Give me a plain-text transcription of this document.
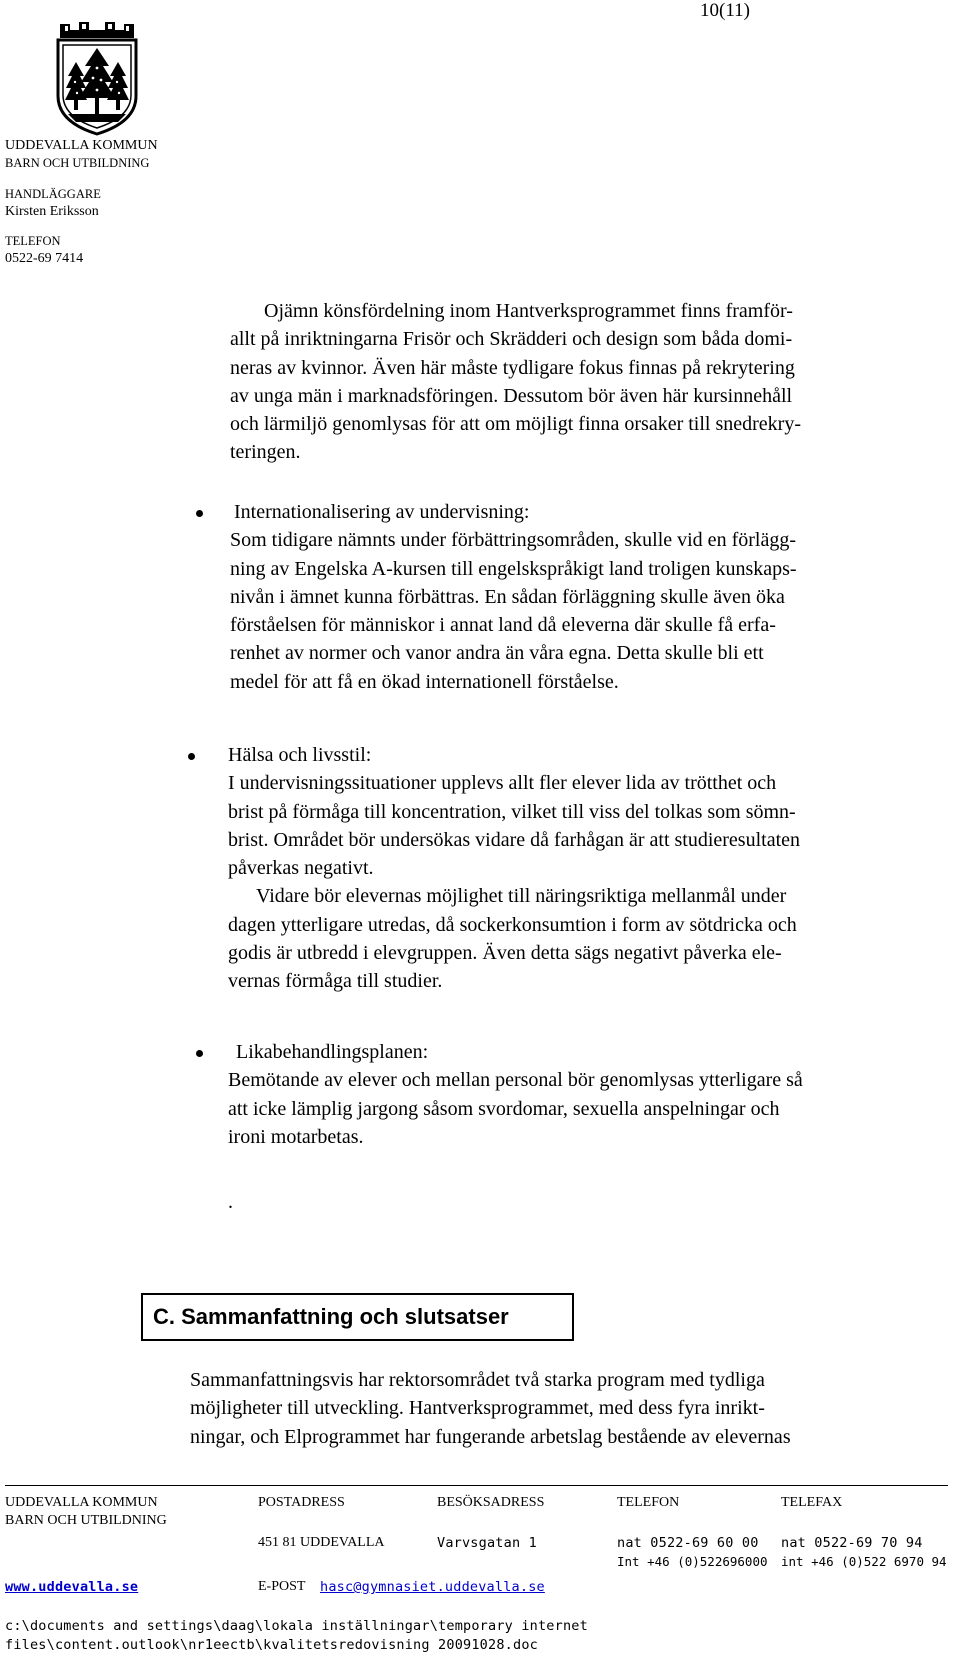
10(11)
UDDEVALLA KOMMUN
BARN OCH UTBILDNING
HANDLÄGGARE
Kirsten Eriksson
TELEFON
0522-69 7414

Ojämn könsfördelning inom Hantverksprogrammet finns framför-

allt på inriktningarna Frisör och Skrädderi och design som båda domi-

neras av kvinnor. Även här måste tydligare fokus finnas på rekrytering

av unga män i marknadsföringen. Dessutom bör även här kursinnehåll

och lärmiljö genomlysas för att om möjligt finna orsaker till snedrekry-

teringen.

Internationalisering av undervisning:

Som tidigare nämnts under förbättringsområden, skulle vid en förlägg-

ning av Engelska A-kursen till engelskspråkigt land troligen kunskaps-

nivån i ämnet kunna förbättras. En sådan förläggning skulle även öka

förståelsen för människor i annat land då eleverna där skulle få erfa-

renhet av normer och vanor andra än våra egna. Detta skulle bli ett

medel för att få en ökad internationell förståelse.

Hälsa och livsstil:

I undervisningssituationer upplevs allt fler elever lida av trötthet och

brist på förmåga till koncentration, vilket till viss del tolkas som sömn-

brist. Området bör undersökas vidare då farhågan är att studieresultaten

påverkas negativt.

Vidare bör elevernas möjlighet till näringsriktiga mellanmål under

dagen ytterligare utredas, då sockerkonsumtion i form av sötdricka och

godis är utbredd i elevgruppen. Även detta sägs negativt påverka ele-

vernas förmåga till studier.

Likabehandlingsplanen:

Bemötande av elever och mellan personal bör genomlysas ytterligare så

att icke lämplig jargong såsom svordomar, sexuella anspelningar och

ironi motarbetas.

.
C. Sammanfattning och slutsatser

Sammanfattningsvis har rektorsområdet två starka program med tydliga

möjligheter till utveckling. Hantverksprogrammet, med dess fyra inrikt-

ningar, och Elprogrammet har fungerande arbetslag bestående av elevernas

UDDEVALLA KOMMUN
BARN OCH UTBILDNING
POSTADRESS
451 81 UDDEVALLA
BESÖKSADRESS
Varvsgatan 1
TELEFON
nat 0522-69 60 00
Int +46 (0)522696000
TELEFAX
nat 0522-69 70 94
int +46 (0)522 6970 94
www.uddevalla.se	E-POST hasc@gymnasiet.uddevalla.se
c:\documents and settings\daag\lokala inställningar\temporary internet
files\content.outlook\nr1eectb\kvalitetsredovisning 20091028.doc
